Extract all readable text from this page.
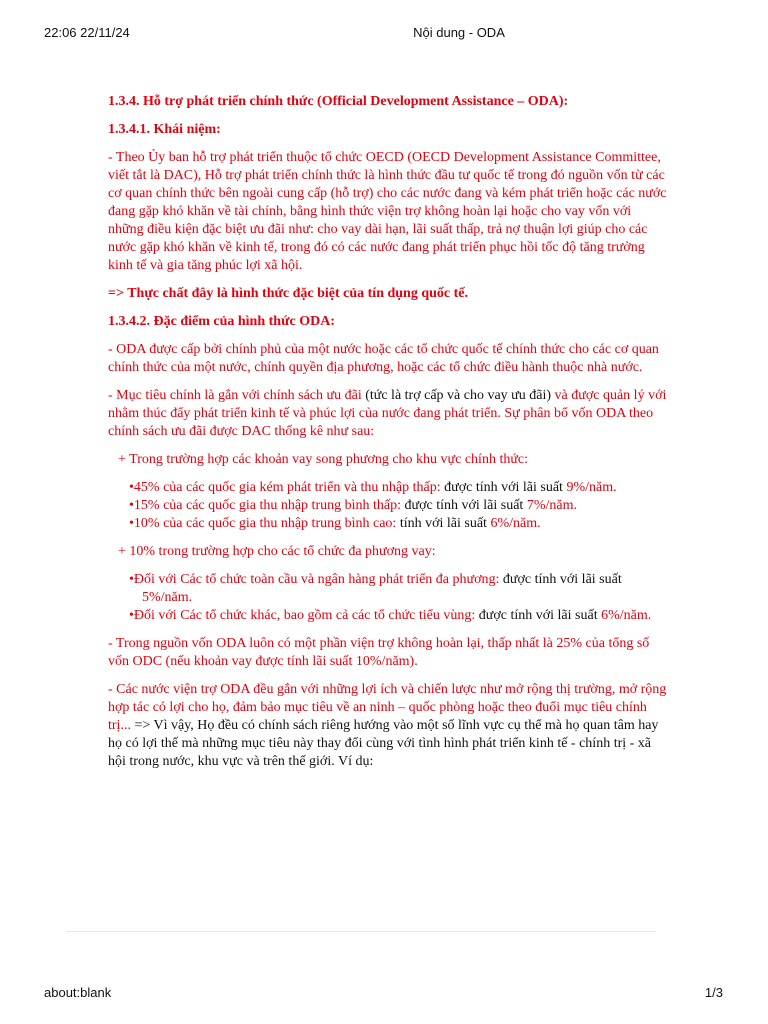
22:06 22/11/24	Nội dung - ODA

1.3.4. Hỗ trợ phát triển chính thức (Official Development Assistance – ODA):

1.3.4.1. Khái niệm:

- Theo Ủy ban hỗ trợ phát triển thuộc tổ chức OECD (OECD Development Assistance Committee, viết tắt là DAC), Hỗ trợ phát triển chính thức là hình thức đầu tư quốc tế trong đó nguồn vốn từ các cơ quan chính thức bên ngoài cung cấp (hỗ trợ) cho các nước đang và kém phát triển hoặc các nước đang gặp khó khăn về tài chính, bằng hình thức viện trợ không hoàn lại hoặc cho vay vốn với những điều kiện đặc biệt ưu đãi như: cho vay dài hạn, lãi suất thấp, trả nợ thuận lợi giúp cho các nước gặp khó khăn về kinh tế, trong đó có các nước đang phát triển phục hồi tốc độ tăng trưởng kinh tế và gia tăng phúc lợi xã hội.

=> Thực chất đây là hình thức đặc biệt của tín dụng quốc tế.

1.3.4.2. Đặc điểm của hình thức ODA:

- ODA được cấp bởi chính phủ của một nước hoặc các tổ chức quốc tế chính thức cho các cơ quan chính thức của một nước, chính quyền địa phương, hoặc các tổ chức điều hành thuộc nhà nước.

- Mục tiêu chính là gắn với chính sách ưu đãi (tức là trợ cấp và cho vay ưu đãi) và được quản lý với nhằm thúc đẩy phát triển kinh tế và phúc lợi của nước đang phát triển. Sự phân bổ vốn ODA theo chính sách ưu đãi được DAC thống kê như sau:

+ Trong trường hợp các khoản vay song phương cho khu vực chính thức:

•45% của các quốc gia kém phát triển và thu nhập thấp: được tính với lãi suất 9%/năm.

•15% của các quốc gia thu nhập trung bình thấp: được tính với lãi suất 7%/năm.

•10% của các quốc gia thu nhập trung bình cao: tính với lãi suất 6%/năm.

+ 10% trong trường hợp cho các tổ chức đa phương vay:

•Đối với Các tổ chức toàn cầu và ngân hàng phát triển đa phương: được tính với lãi suất 5%/năm.

•Đối với Các tổ chức khác, bao gồm cả các tổ chức tiểu vùng: được tính với lãi suất 6%/năm.

- Trong nguồn vốn ODA luôn có một phần viện trợ không hoàn lại, thấp nhất là 25% của tổng số vốn ODC (nếu khoản vay được tính lãi suất 10%/năm).

- Các nước viện trợ ODA đều gắn với những lợi ích và chiến lược như mở rộng thị trường, mở rộng hợp tác có lợi cho họ, đảm bảo mục tiêu về an ninh – quốc phòng hoặc theo đuổi mục tiêu chính trị... => Vì vậy, Họ đều có chính sách riêng hướng vào một số lĩnh vực cụ thể mà họ quan tâm hay họ có lợi thế mà những mục tiêu này thay đổi cùng với tình hình phát triển kinh tế - chính trị - xã hội trong nước, khu vực và trên thế giới. Ví dụ:

about:blank	1/3
